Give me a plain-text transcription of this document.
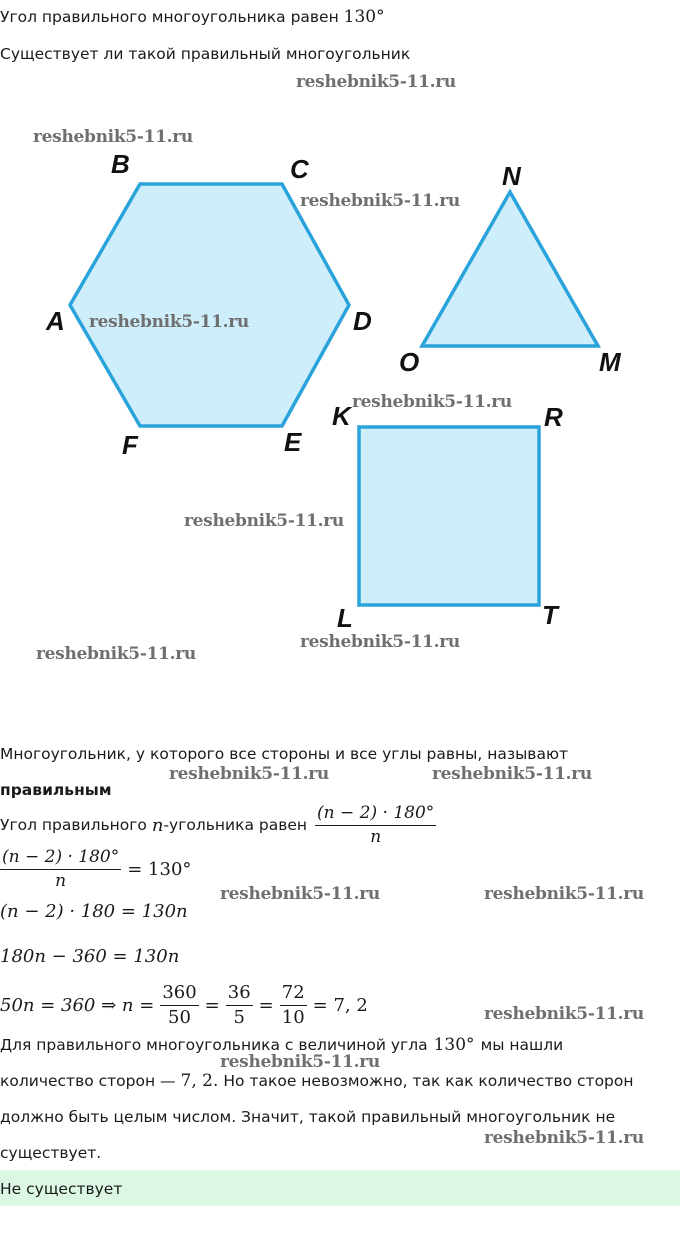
Угол правильного многоугольника равен 130°
Существует ли такой правильный многоугольник
B	C
D
E
F
A
N
M
O
K	R
T
L
reshebnik5-11.ru
reshebnik5-11.ru
reshebnik5-11.ru
reshebnik5-11.ru
reshebnik5-11.ru
reshebnik5-11.ru
reshebnik5-11.ru
reshebnik5-11.ru
reshebnik5-11.ru	reshebnik5-11.ru
reshebnik5-11.ru	reshebnik5-11.ru
reshebnik5-11.ru
reshebnik5-11.ru
reshebnik5-11.ru
Многоугольник, у которого все стороны и все углы равны, называют
правильным
Угол правильного n -угольника равен $\frac{(n - 2) \cdot 180^\circ}{n}$
$\frac{(n - 2) \cdot 180^\circ}{n} = 130^\circ$
(n − 2) · 180 = 130n
180n − 360 = 130n
50n = 360 ⇒ $n = \frac{360}{50} = \frac{36}{5} = \frac{72}{10} = 7$, 2
Для правильного многоугольника с величиной угла 130° мы нашли
количество сторон — 7, 2. Но такое невозможно, так как количество сторон
должно быть целым числом. Значит, такой правильный многоугольник не
существует.
Не существует
